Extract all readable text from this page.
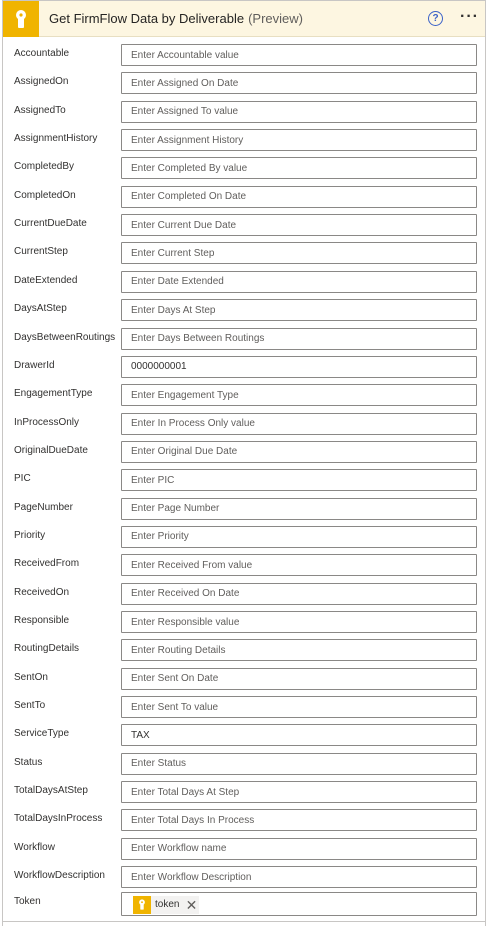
Get FirmFlow Data by Deliverable (Preview)	? ···
Accountable
Enter Accountable value
AssignedOn
Enter Assigned On Date
AssignedTo
Enter Assigned To value
AssignmentHistory
Enter Assignment History
CompletedBy
Enter Completed By value
CompletedOn
Enter Completed On Date
CurrentDueDate
Enter Current Due Date
CurrentStep
Enter Current Step
DateExtended
Enter Date Extended
DaysAtStep
Enter Days At Step
DaysBetweenRoutings
Enter Days Between Routings
DrawerId
0000000001
EngagementType
Enter Engagement Type
InProcessOnly
Enter In Process Only value
OriginalDueDate
Enter Original Due Date
PIC
Enter PIC
PageNumber
Enter Page Number
Priority
Enter Priority
ReceivedFrom
Enter Received From value
ReceivedOn
Enter Received On Date
Responsible
Enter Responsible value
RoutingDetails
Enter Routing Details
SentOn
Enter Sent On Date
SentTo
Enter Sent To value
ServiceType
TAX
Status
Enter Status
TotalDaysAtStep
Enter Total Days At Step
TotalDaysInProcess
Enter Total Days In Process
Workflow
Enter Workflow name
WorkflowDescription
Enter Workflow Description
Token	token ✕
